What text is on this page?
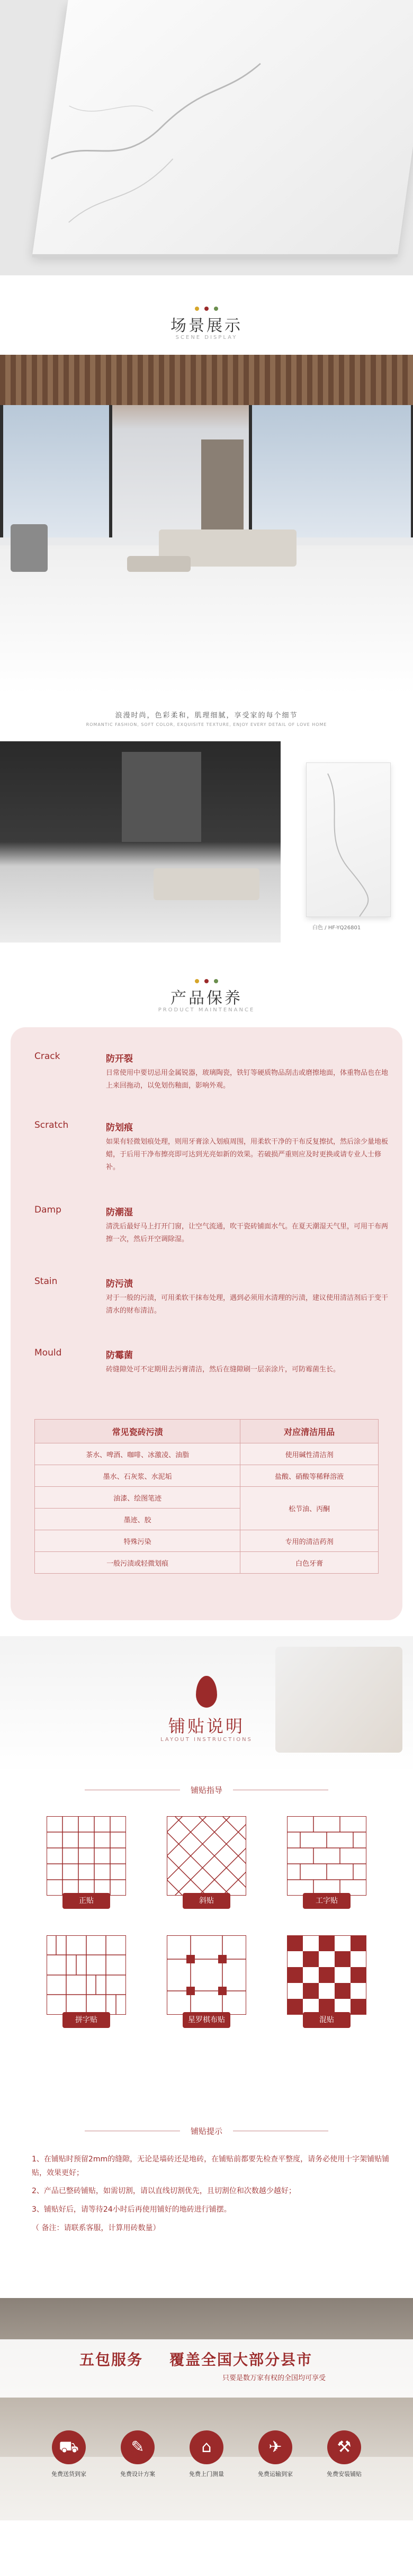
场景展示
SCENE DISPLAY
浪漫时尚，色彩柔和，肌理细腻，享受家的每个细节
ROMANTIC FASHION, SOFT COLOR, EXQUISITE TEXTURE, ENJOY EVERY DETAIL OF LOVE HOME
白色 / HF-YQ26801
产品保养
PRODUCT MAINTENANCE
Crack	防开裂
日常使用中要切忌用金属锐器，玻璃陶瓷，铁钉等硬质物品刮击或磨擦地面，体重物品也在地上来回拖动，以免划伤釉面，影响外观。
Scratch	防划痕
如果有轻微划痕处理，则用牙膏涂入划痕周围，用柔软干净的干布反复擦拭，然后涂少量地板蜡，于后用干净布擦亮即可达到光亮如新的效果。若破损严重则应及时更换或请专业人士修补。
Damp	防潮湿
清洗后最好马上打开门窗，让空气流通，吹干瓷砖铺面水气。在夏天潮湿天气里，可用干布两擦一次，然后开空调除湿。
Stain	防污渍
对于一般的污渍，可用柔软干抹布处理，遇到必须用水清理的污渍，建议使用清洁剂后于变干清水的财布清洁。
Mould	防霉菌
砖缝隙处可不定期用去污膏清洁，然后在缝隙刷一层亲涂片，可防霉菌生长。
常见瓷砖污渍	对应清洁用品
茶水、啤酒、咖啡、冰激凌、油脂	使用碱性清洁剂
墨水、石灰浆、水泥垢	盐酸、硝酸等稀释溶液
油漆、绘图笔迹	松节油、丙酮
墨迹、胶	
特殊污染	专用的清洁药剂
一般污渍或轻微划痕	白色牙膏
铺贴说明
LAYOUT INSTRUCTIONS
铺贴指导
正贴	斜贴	工字贴
拼字贴	星罗棋布贴	混贴
铺贴提示
1、在铺贴时预留2mm的缝隙，无论是墙砖还是地砖，在铺贴前都要先检查平整度，请务必使用十字架铺贴铺贴，效果更好；
2、产品已整砖铺贴，如需切割，请以直线切割优先，且切割位和次数越少越好；
3、铺贴好后，请等待24小时后再使用铺好的地砖进行铺摆。
（ 备注：请联系客服，计算用砖数量）
五包服务 覆盖全国大部分县市
只要是数万家有权的全国均可享受
⛟
免费送货到家
✎
免费设计方案
⌂
免费上门测量
✈
免费运输到家
⚒
免费安装铺贴
